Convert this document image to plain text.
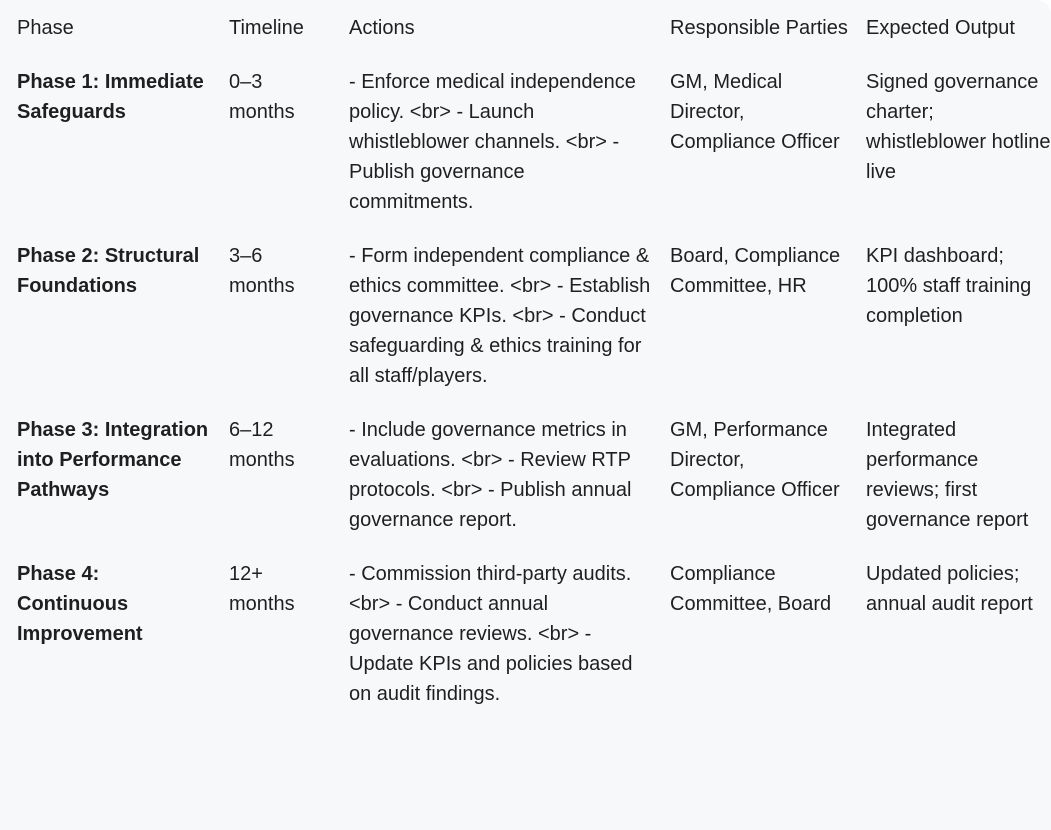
Phase	Timeline	Actions	Responsible Parties	Expected Output
Phase 1: Immediate Safeguards	0–3 months	- Enforce medical independence policy. <br> - Launch whistleblower channels. <br> - Publish governance commitments.	GM, Medical Director, Compliance Officer	Signed governance charter; whistleblower hotline live
Phase 2: Structural Foundations	3–6 months	- Form independent compliance & ethics committee. <br> - Establish governance KPIs. <br> - Conduct safeguarding & ethics training for all staff/players.	Board, Compliance Committee, HR	KPI dashboard; 100% staff training completion
Phase 3: Integration into Performance Pathways	6–12 months	- Include governance metrics in evaluations. <br> - Review RTP protocols. <br> - Publish annual governance report.	GM, Performance Director, Compliance Officer	Integrated performance reviews; first governance report
Phase 4: Continuous Improvement	12+ months	- Commission third-party audits. <br> - Conduct annual governance reviews. <br> - Update KPIs and policies based on audit findings.	Compliance Committee, Board	Updated policies; annual audit report
